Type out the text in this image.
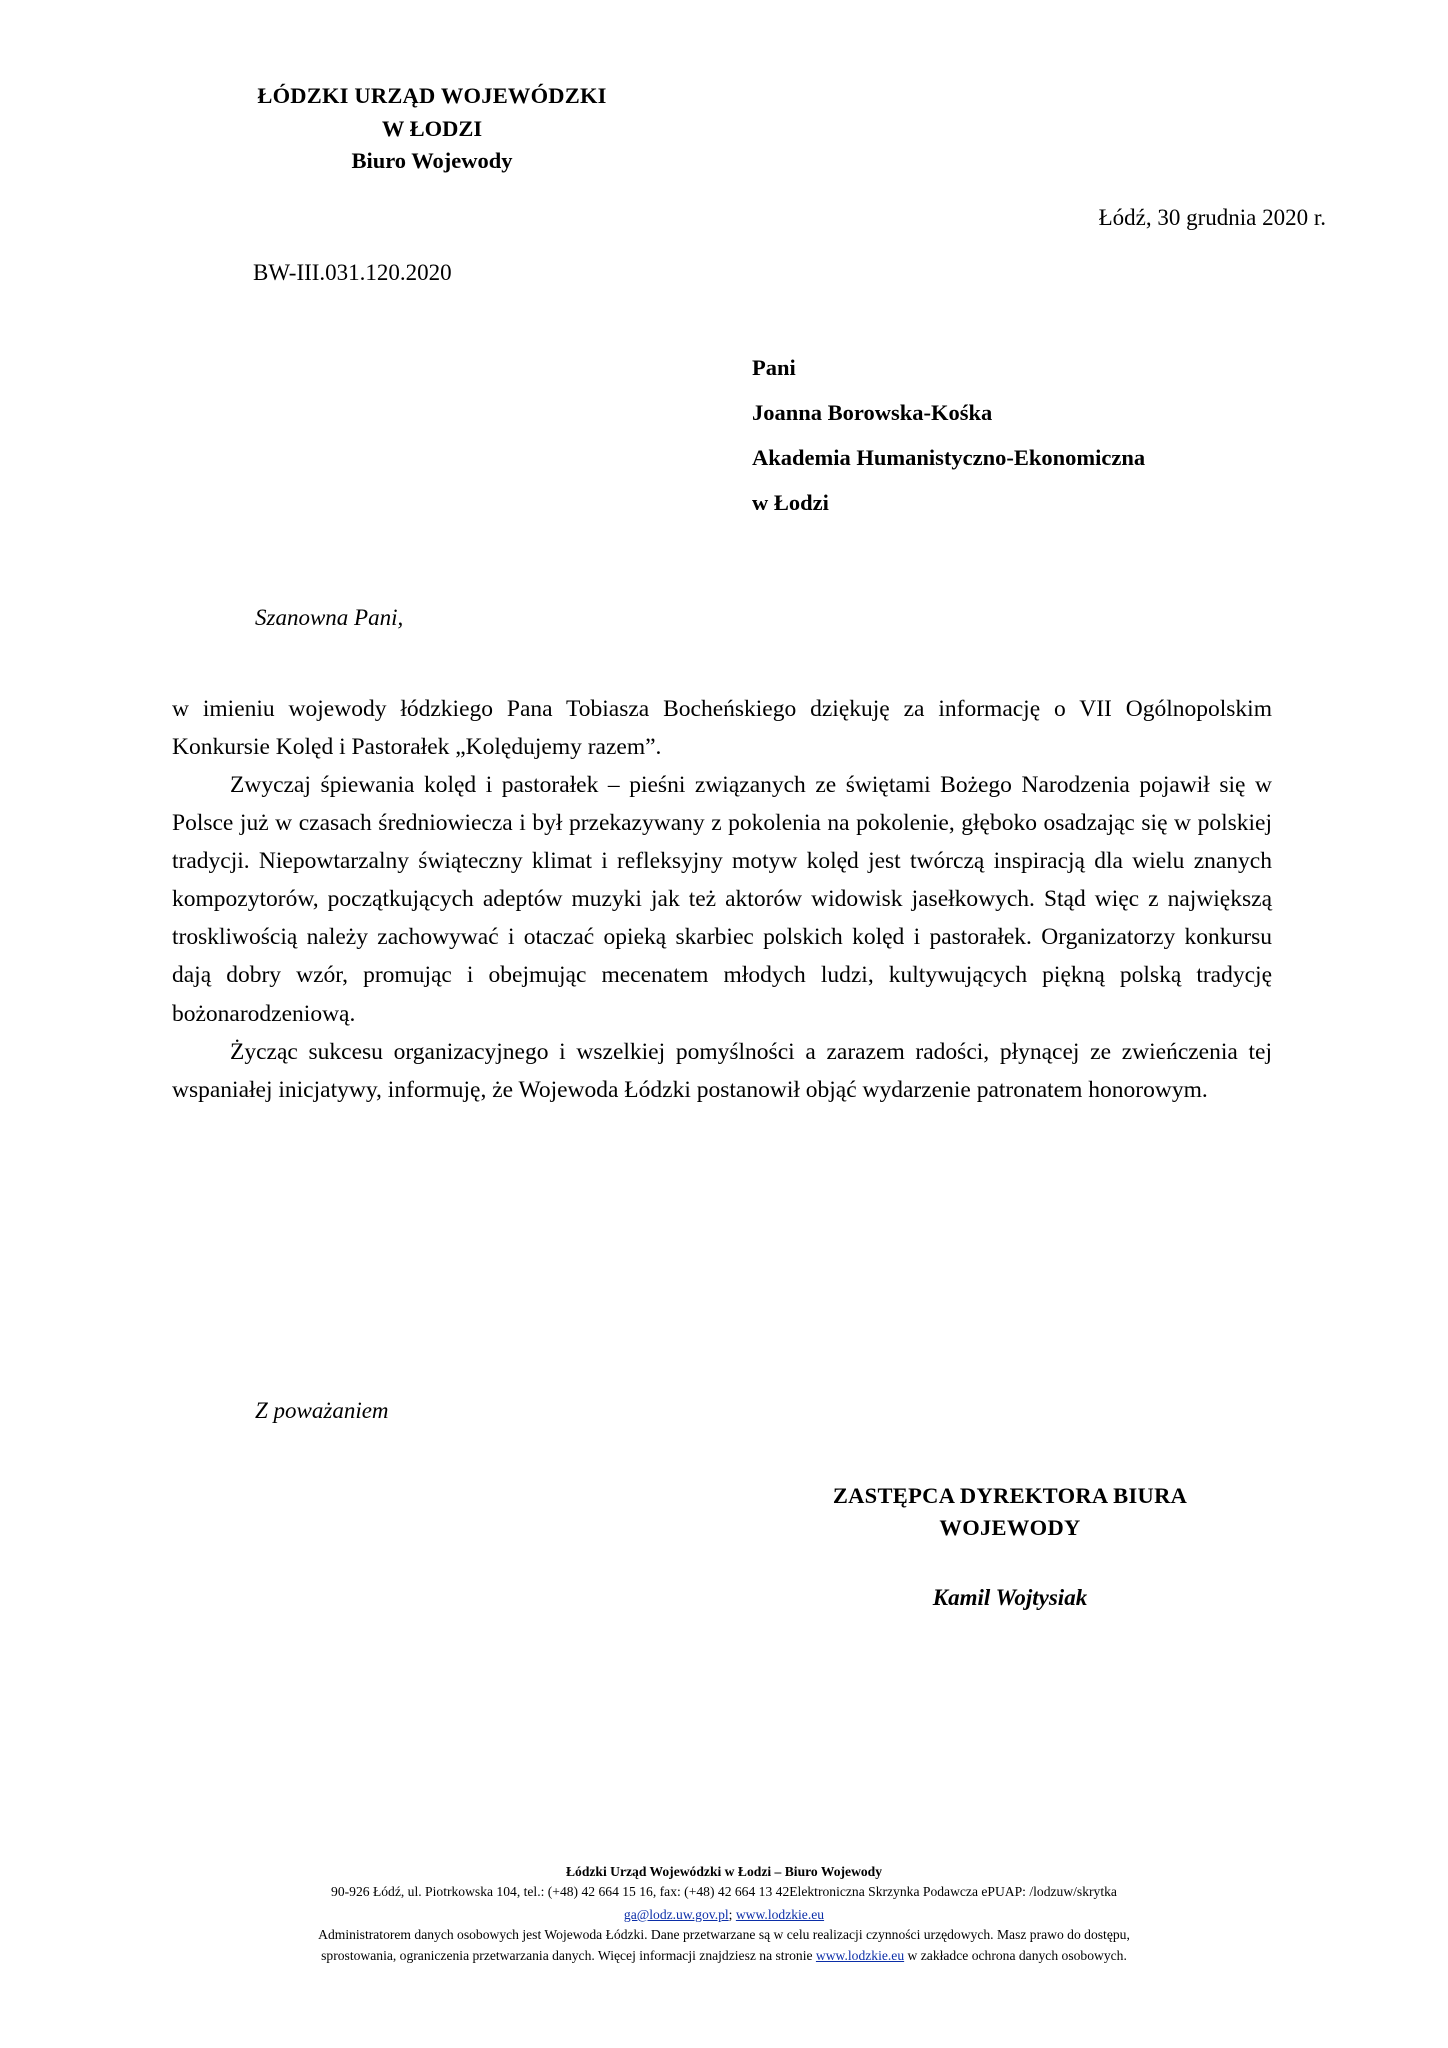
ŁÓDZKI URZĄD WOJEWÓDZKI
W ŁODZI
Biuro Wojewody
Łódź, 30 grudnia 2020 r.
BW-III.031.120.2020
Pani
Joanna Borowska-Kośka
Akademia Humanistyczno-Ekonomiczna
w Łodzi
Szanowna Pani,

w imieniu wojewody łódzkiego Pana Tobiasza Bocheńskiego dziękuję za informację o VII Ogólnopolskim Konkursie Kolęd i Pastorałek „Kolędujemy razem”.

Zwyczaj śpiewania kolęd i pastorałek – pieśni związanych ze świętami Bożego Narodzenia pojawił się w Polsce już w czasach średniowiecza i był przekazywany z pokolenia na pokolenie, głęboko osadzając się w polskiej tradycji. Niepowtarzalny świąteczny klimat i refleksyjny motyw kolęd jest twórczą inspiracją dla wielu znanych kompozytorów, początkujących adeptów muzyki jak też aktorów widowisk jasełkowych. Stąd więc z największą troskliwością należy zachowywać i otaczać opieką skarbiec polskich kolęd i pastorałek. Organizatorzy konkursu dają dobry wzór, promując i obejmując mecenatem młodych ludzi, kultywujących piękną polską tradycję bożonarodzeniową.

Życząc sukcesu organizacyjnego i wszelkiej pomyślności a zarazem radości, płynącej ze zwieńczenia tej wspaniałej inicjatywy, informuję, że Wojewoda Łódzki postanowił objąć wydarzenie patronatem honorowym.

Z poważaniem
ZASTĘPCA DYREKTORA BIURA
WOJEWODY
Kamil Wojtysiak
Łódzki Urząd Wojewódzki w Łodzi – Biuro Wojewody
90-926 Łódź, ul. Piotrkowska 104, tel.: (+48) 42 664 15 16, fax: (+48) 42 664 13 42Elektroniczna Skrzynka Podawcza ePUAP: /lodzuw/skrytka
ga@lodz.uw.gov.pl; www.lodzkie.eu
Administratorem danych osobowych jest Wojewoda Łódzki. Dane przetwarzane są w celu realizacji czynności urzędowych. Masz prawo do dostępu,
sprostowania, ograniczenia przetwarzania danych. Więcej informacji znajdziesz na stronie www.lodzkie.eu w zakładce ochrona danych osobowych.
